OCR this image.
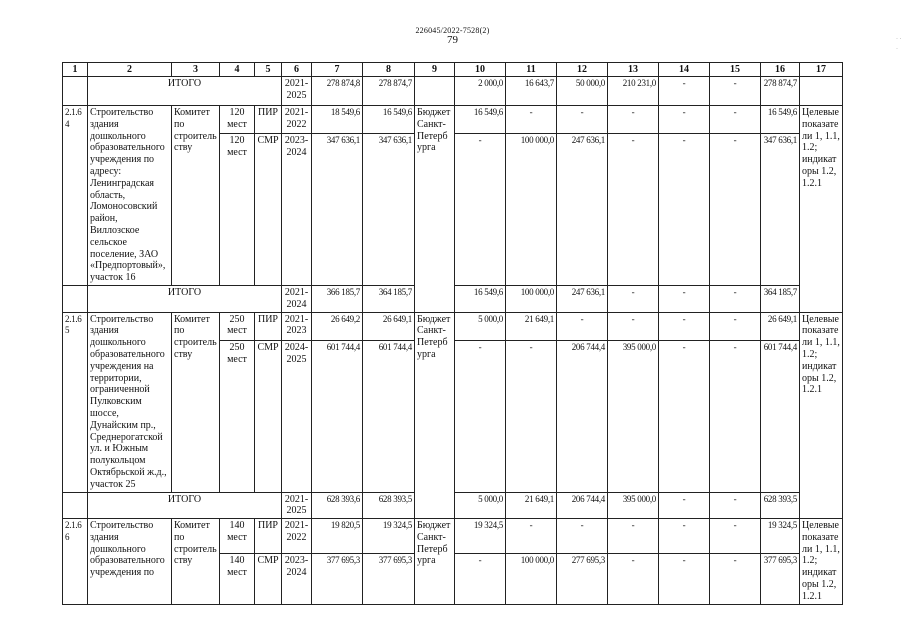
226045/2022-7528(2)
79	· · ·
1	2	3	4	5	6	7	8	9	10	11	12	13	14	15	16	17
	ИТОГО				2021-2025	278 874,8	278 874,7		2 000,0	16 643,7	50 000,0	210 231,0	-	-	278 874,7	
2.1.64	Строительство здания дошкольного образовательного учреждения по адресу: Ленинградская область, Ломоносовский район, Виллозское сельское поселение, ЗАО «Предпортовый», участок 16	Комитет по строительству	120 мест	ПИР	2021-2022	18 549,6	16 549,6	Бюджет Санкт-Петербурга	16 549,6	-	-	-	-	-	16 549,6	Целевые показатели 1, 1.1, 1.2; индикаторы 1.2, 1.2.1
			120 мест	СМР	2023-2024	347 636,1	347 636,1		-	100 000,0	247 636,1	-	-	-	347 636,1	
	ИТОГО				2021-2024	366 185,7	364 185,7		16 549,6	100 000,0	247 636,1	-	-	-	364 185,7	
2.1.65	Строительство здания дошкольного образовательного учреждения на территории, ограниченной Пулковским шоссе, Дунайским пр., Среднерогатской ул. и Южным полукольцом Октябрьской ж.д., участок 25	Комитет по строительству	250 мест	ПИР	2021-2023	26 649,2	26 649,1	Бюджет Санкт-Петербурга	5 000,0	21 649,1	-	-	-	-	26 649,1	Целевые показатели 1, 1.1, 1.2; индикаторы 1.2, 1.2.1
			250 мест	СМР	2024-2025	601 744,4	601 744,4		-	-	206 744,4	395 000,0	-	-	601 744,4	
	ИТОГО				2021-2025	628 393,6	628 393,5		5 000,0	21 649,1	206 744,4	395 000,0	-	-	628 393,5	
2.1.66	Строительство здания дошкольного образовательного учреждения по	Комитет по строительству	140 мест	ПИР	2021-2022	19 820,5	19 324,5	Бюджет Санкт-Петербурга	19 324,5	-	-	-	-	-	19 324,5	Целевые показатели 1, 1.1, 1.2; индикаторы 1.2, 1.2.1
			140 мест	СМР	2023-2024	377 695,3	377 695,3		-	100 000,0	277 695,3	-	-	-	377 695,3	
